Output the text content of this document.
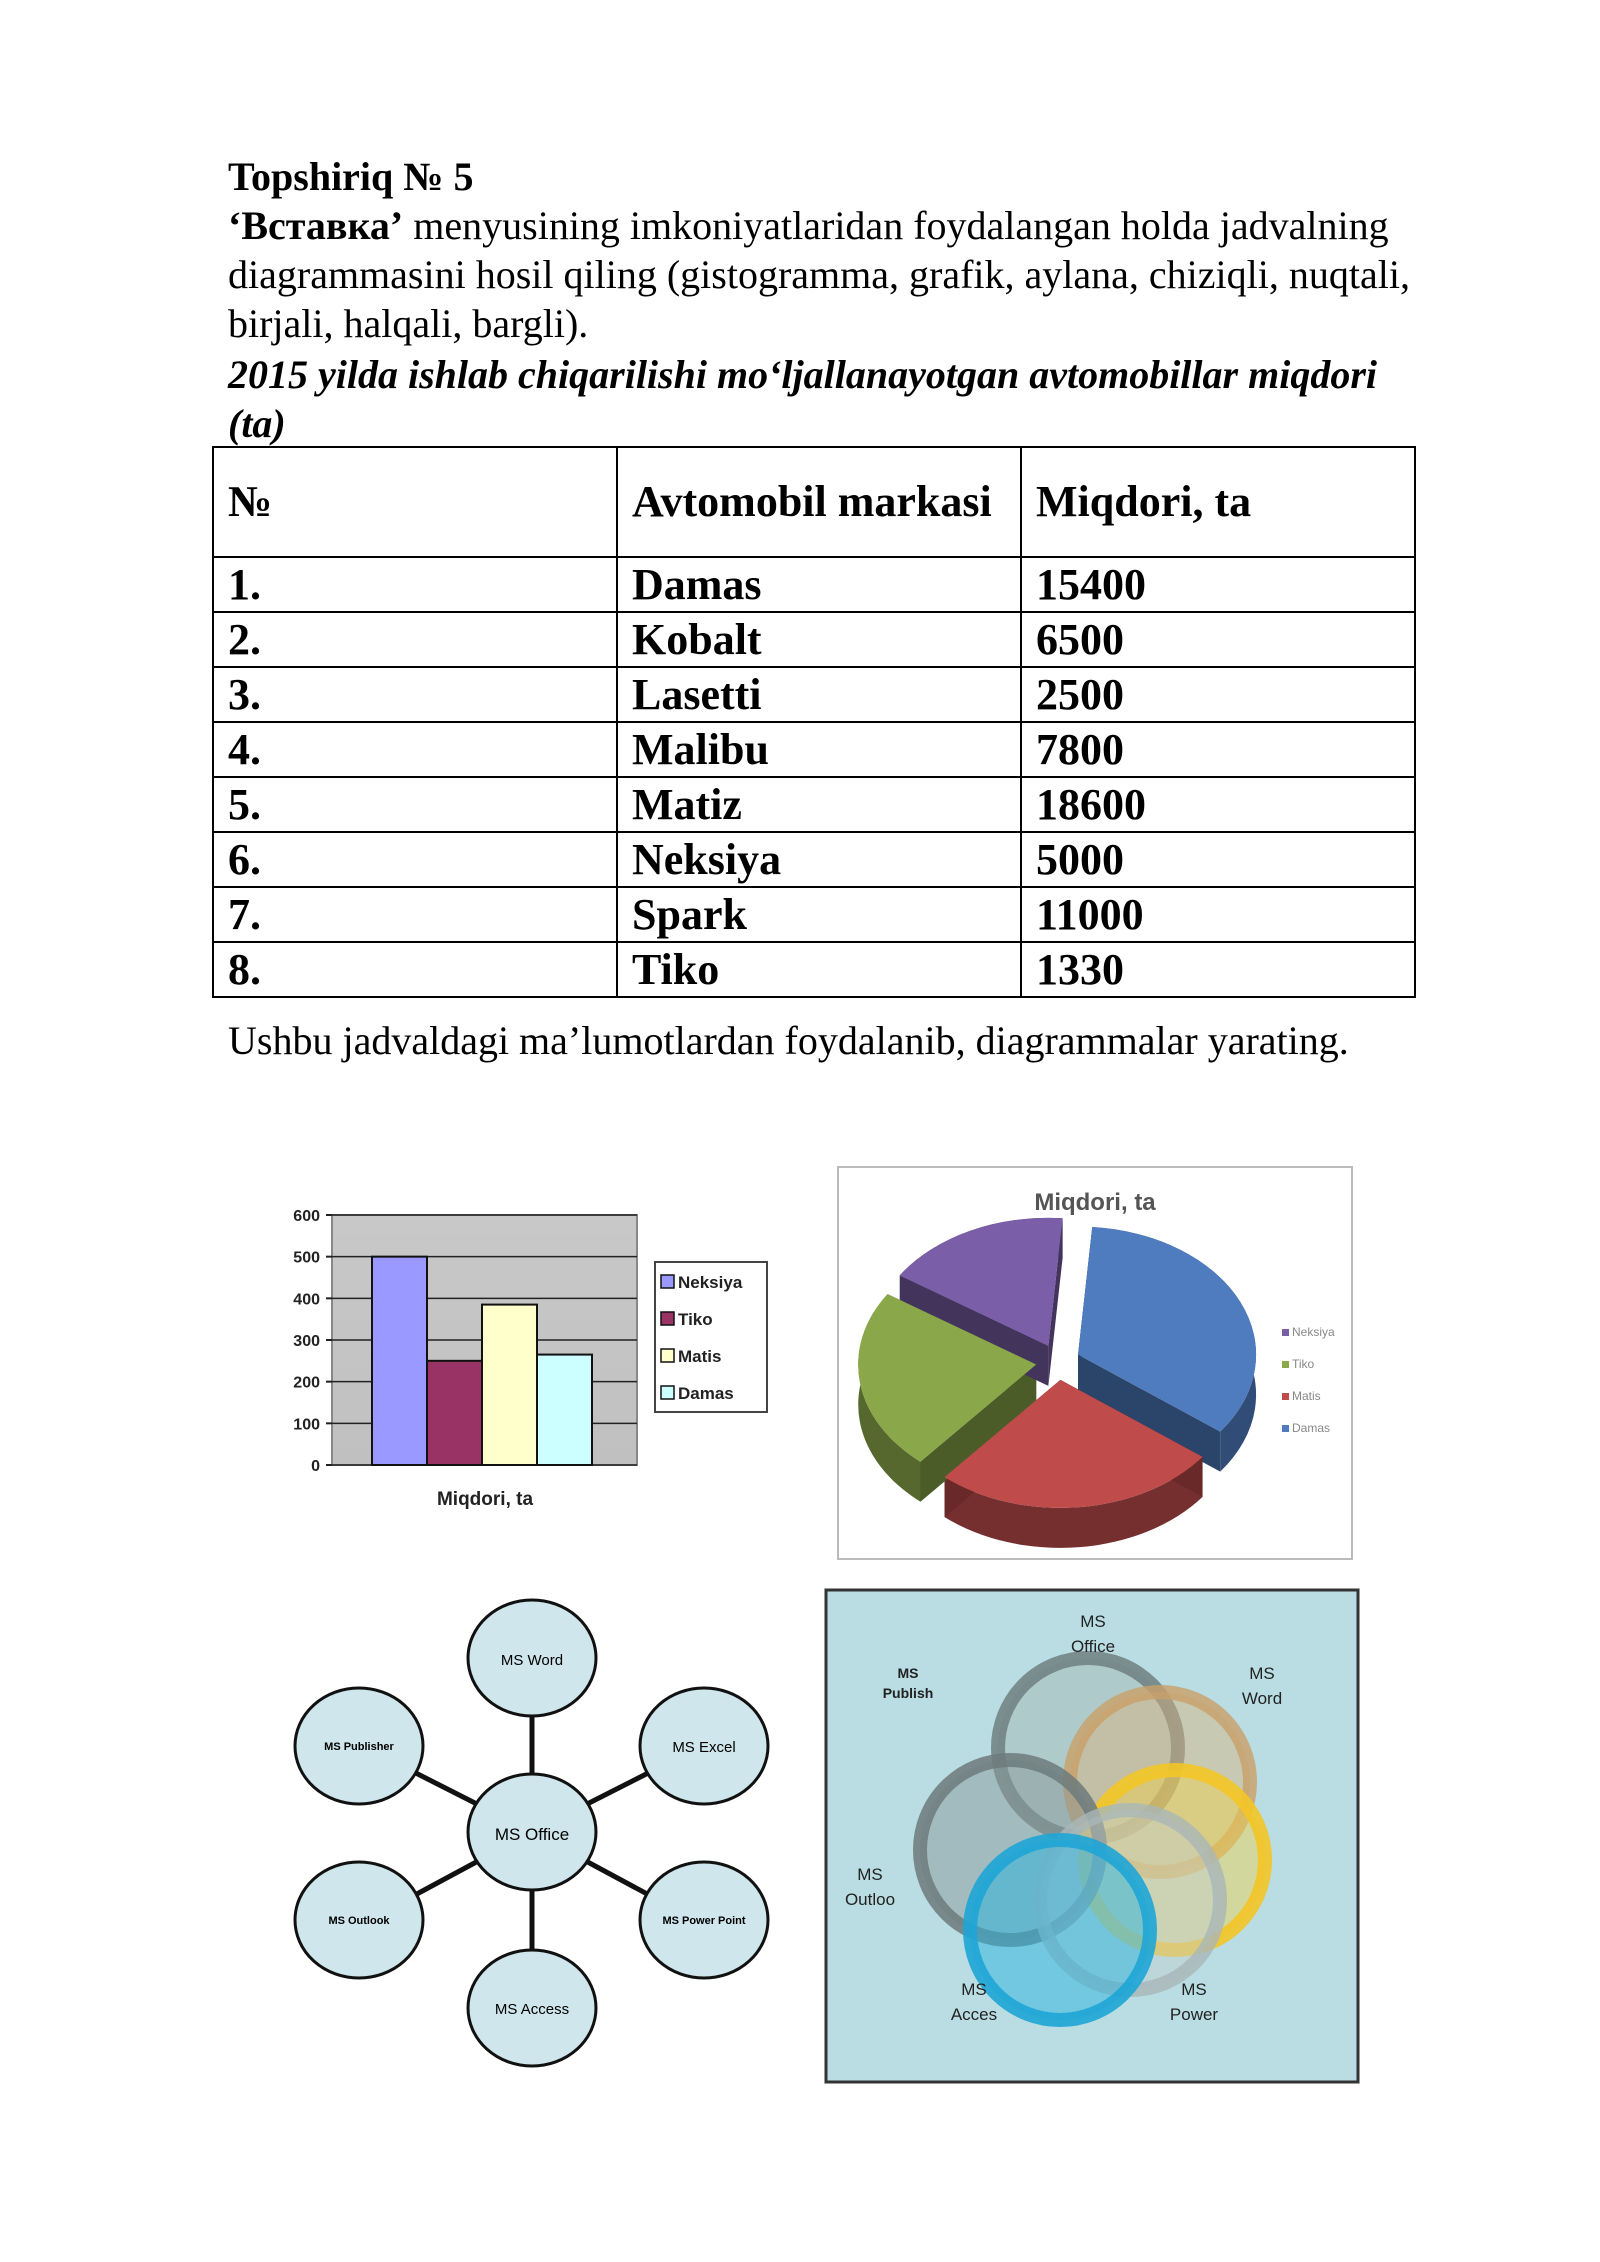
Topshiriq № 5
‘Вставка’ menyusining imkoniyatlaridan foydalangan holda jadvalning diagrammasini hosil qiling (gistogramma, grafik, aylana, chiziqli, nuqtali, birjali, halqali, bargli).
2015 yilda ishlab chiqarilishi mo‘ljallanayotgan avtomobillar miqdori (ta)
№	Avtomobil markasi	Miqdori, ta
1.	Damas	15400
2.	Kobalt	6500
3.	Lasetti	2500
4.	Malibu	7800
5.	Matiz	18600
6.	Neksiya	5000
7.	Spark	11000
8.	Tiko	1330
Ushbu jadvaldagi ma’lumotlardan foydalanib, diagrammalar yarating.
0
100
200
300
400
500
600
Miqdori, ta
Neksiya
Tiko
Matis
Damas
Miqdori, ta
Neksiya
Tiko
Matis
Damas
MS Office
MS Word
MS Excel
MS Power Point
MS Access
MS Outlook
MS Publisher
MS Office
MS Word
MS Power
MS Acces
MS Outloo
MS Publish
